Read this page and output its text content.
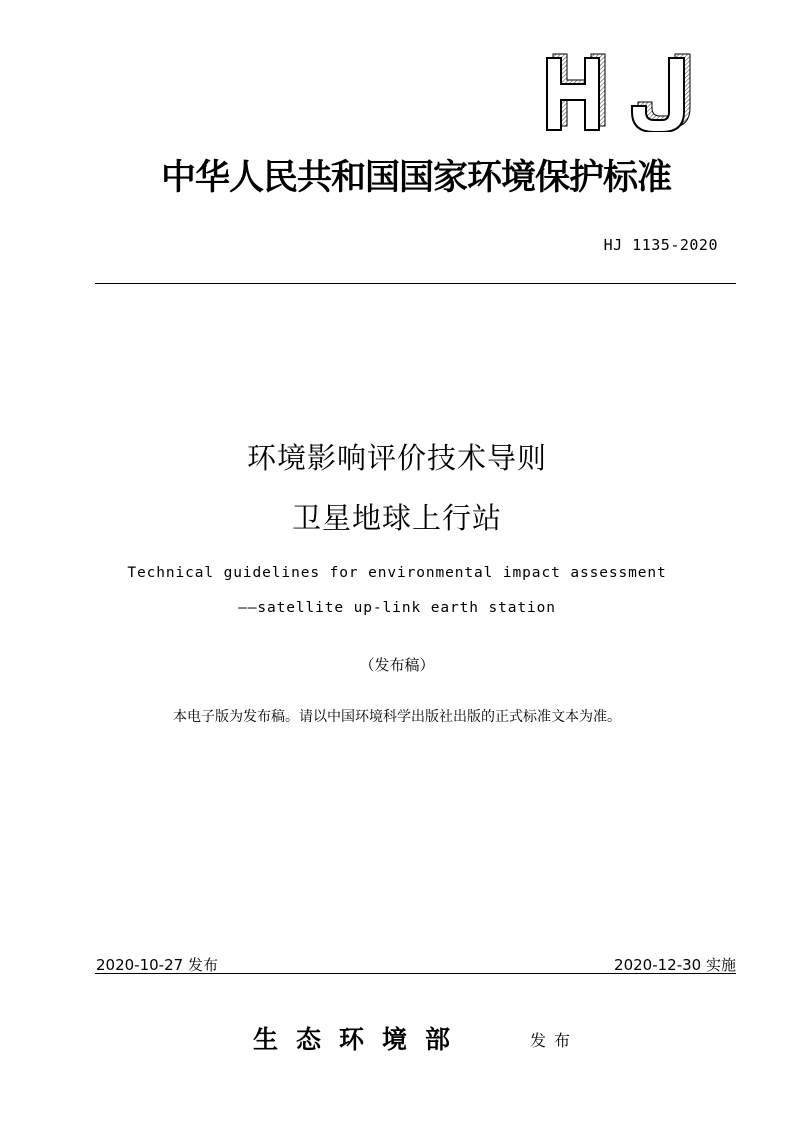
HJ
中华人民共和国国家环境保护标准
HJ 1135-2020
环境影响评价技术导则
卫星地球上行站
Technical guidelines for environmental impact assessment
——satellite up-link earth station
（发布稿）
本电子版为发布稿。请以中国环境科学出版社出版的正式标准文本为准。
2020-10-27 发布	2020-12-30 实施
生态环境部	发布
